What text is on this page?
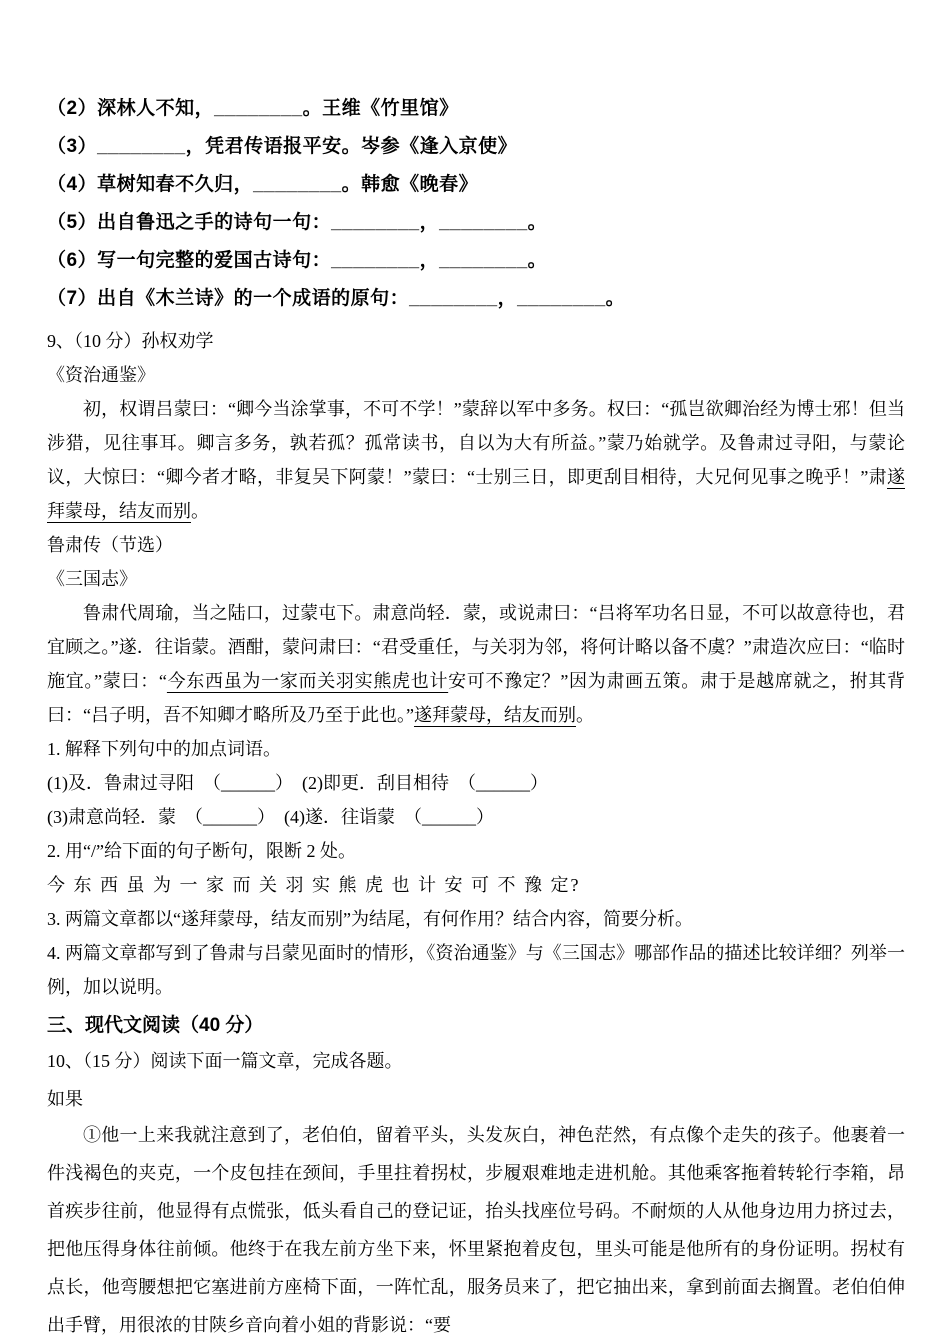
（2）深林人不知，________。王维《竹里馆》

（3）________，凭君传语报平安。岑参《逢入京使》

（4）草树知春不久归，________。韩愈《晚春》

（5）出自鲁迅之手的诗句一句：________，________。

（6）写一句完整的爱国古诗句：________，________。

（7）出自《木兰诗》的一个成语的原句：________，________。

9、（10 分）孙权劝学

《资治通鉴》

初，权谓吕蒙曰：“卿今当涂掌事，不可不学！”蒙辞以军中多务。权曰：“孤岂欲卿治经为博士邪！但当涉猎，见往事耳。卿言多务，孰若孤？孤常读书，自以为大有所益。”蒙乃始就学。及鲁肃过寻阳，与蒙论议，大惊曰：“卿今者才略，非复吴下阿蒙！”蒙曰：“士别三日，即更刮目相待，大兄何见事之晚乎！”肃遂拜蒙母，结友而别。

鲁肃传（节选）

《三国志》

鲁肃代周瑜，当之陆口，过蒙屯下。肃意尚轻．蒙，或说肃曰：“吕将军功名日显，不可以故意待也，君宜顾之。”遂．往诣蒙。酒酣，蒙问肃曰：“君受重任，与关羽为邻，将何计略以备不虞？”肃造次应曰：“临时施宜。”蒙曰：“今东西虽为一家而关羽实熊虎也计安可不豫定？”因为肃画五策。肃于是越席就之，拊其背曰：“吕子明，吾不知卿才略所及乃至于此也。”遂拜蒙母，结友而别。

1. 解释下列句中的加点词语。

(1)及．鲁肃过寻阳　（______）　(2)即更．刮目相待　（______）

(3)肃意尚轻．蒙　（______）　(4)遂．往诣蒙　（______）

2. 用“/”给下面的句子断句，限断 2 处。

今 东 西 虽 为 一 家 而 关 羽 实 熊 虎 也 计 安 可 不 豫 定?

3. 两篇文章都以“遂拜蒙母，结友而别”为结尾，有何作用？结合内容，简要分析。

4. 两篇文章都写到了鲁肃与吕蒙见面时的情形，《资治通鉴》与《三国志》哪部作品的描述比较详细？列举一例，加以说明。

三、现代文阅读（40 分）

10、（15 分）阅读下面一篇文章，完成各题。

如果

①他一上来我就注意到了，老伯伯，留着平头，头发灰白，神色茫然，有点像个走失的孩子。他裹着一件浅褐色的夹克，一个皮包挂在颈间，手里拄着拐杖，步履艰难地走进机舱。其他乘客拖着转轮行李箱，昂首疾步往前，他显得有点慌张，低头看自己的登记证，抬头找座位号码。不耐烦的人从他身边用力挤过去，把他压得身体往前倾。他终于在我左前方坐下来，怀里紧抱着皮包，里头可能是他所有的身份证明。拐杖有点长，他弯腰想把它塞进前方座椅下面，一阵忙乱，服务员来了，把它抽出来，拿到前面去搁置。老伯伯伸出手臂，用很浓的甘陕乡音向着小姐的背影说：“要
